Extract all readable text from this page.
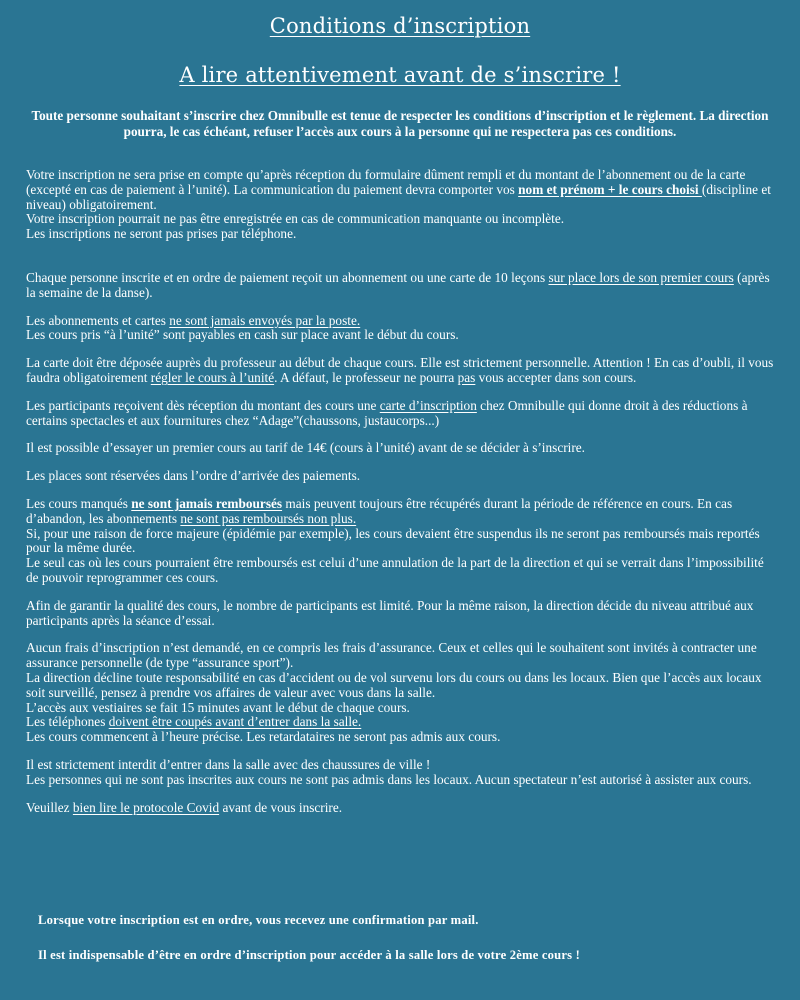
Conditions d’inscription
A lire attentivement avant de s’inscrire !
Toute personne souhaitant s’inscrire chez Omnibulle est tenue de respecter les conditions d’inscription et le règlement. La direction pourra, le cas échéant, refuser l’accès aux cours à la personne qui ne respectera pas ces conditions.

Votre inscription ne sera prise en compte qu’après réception du formulaire dûment rempli et du montant de l’abonnement ou de la carte (excepté en cas de paiement à l’unité). La communication du paiement devra comporter vos nom et prénom + le cours choisi (discipline et niveau) obligatoirement.
Votre inscription pourrait ne pas être enregistrée en cas de communication manquante ou incomplète.
Les inscriptions ne seront pas prises par téléphone.

Chaque personne inscrite et en ordre de paiement reçoit un abonnement ou une carte de 10 leçons sur place lors de son premier cours (après la semaine de la danse).

Les abonnements et cartes ne sont jamais envoyés par la poste.
Les cours pris “à l’unité” sont payables en cash sur place avant le début du cours.

La carte doit être déposée auprès du professeur au début de chaque cours. Elle est strictement personnelle. Attention ! En cas d’oubli, il vous faudra obligatoirement régler le cours à l’unité. A défaut, le professeur ne pourra pas vous accepter dans son cours.

Les participants reçoivent dès réception du montant des cours une carte d’inscription chez Omnibulle qui donne droit à des réductions à certains spectacles et aux fournitures chez “Adage”(chaussons, justaucorps...)

Il est possible d’essayer un premier cours au tarif de 14€ (cours à l’unité) avant de se décider à s’inscrire.

Les places sont réservées dans l’ordre d’arrivée des paiements.

Les cours manqués ne sont jamais remboursés mais peuvent toujours être récupérés durant la période de référence en cours. En cas d’abandon, les abonnements ne sont pas remboursés non plus.
Si, pour une raison de force majeure (épidémie par exemple), les cours devaient être suspendus ils ne seront pas remboursés mais reportés pour la même durée.
Le seul cas où les cours pourraient être remboursés est celui d’une annulation de la part de la direction et qui se verrait dans l’impossibilité de pouvoir reprogrammer ces cours.

Afin de garantir la qualité des cours, le nombre de participants est limité. Pour la même raison, la direction décide du niveau attribué aux participants après la séance d’essai.

Aucun frais d’inscription n’est demandé, en ce compris les frais d’assurance. Ceux et celles qui le souhaitent sont invités à contracter une assurance personnelle (de type “assurance sport”).
La direction décline toute responsabilité en cas d’accident ou de vol survenu lors du cours ou dans les locaux. Bien que l’accès aux locaux soit surveillé, pensez à prendre vos affaires de valeur avec vous dans la salle.
L’accès aux vestiaires se fait 15 minutes avant le début de chaque cours.
Les téléphones doivent être coupés avant d’entrer dans la salle.
Les cours commencent à l’heure précise. Les retardataires ne seront pas admis aux cours.

Il est strictement interdit d’entrer dans la salle avec des chaussures de ville !
Les personnes qui ne sont pas inscrites aux cours ne sont pas admis dans les locaux. Aucun spectateur n’est autorisé à assister aux cours.

Veuillez bien lire le protocole Covid avant de vous inscrire.

Lorsque votre inscription est en ordre, vous recevez une confirmation par mail.
Il est indispensable d’être en ordre d’inscription pour accéder à la salle lors de votre 2ème cours !
